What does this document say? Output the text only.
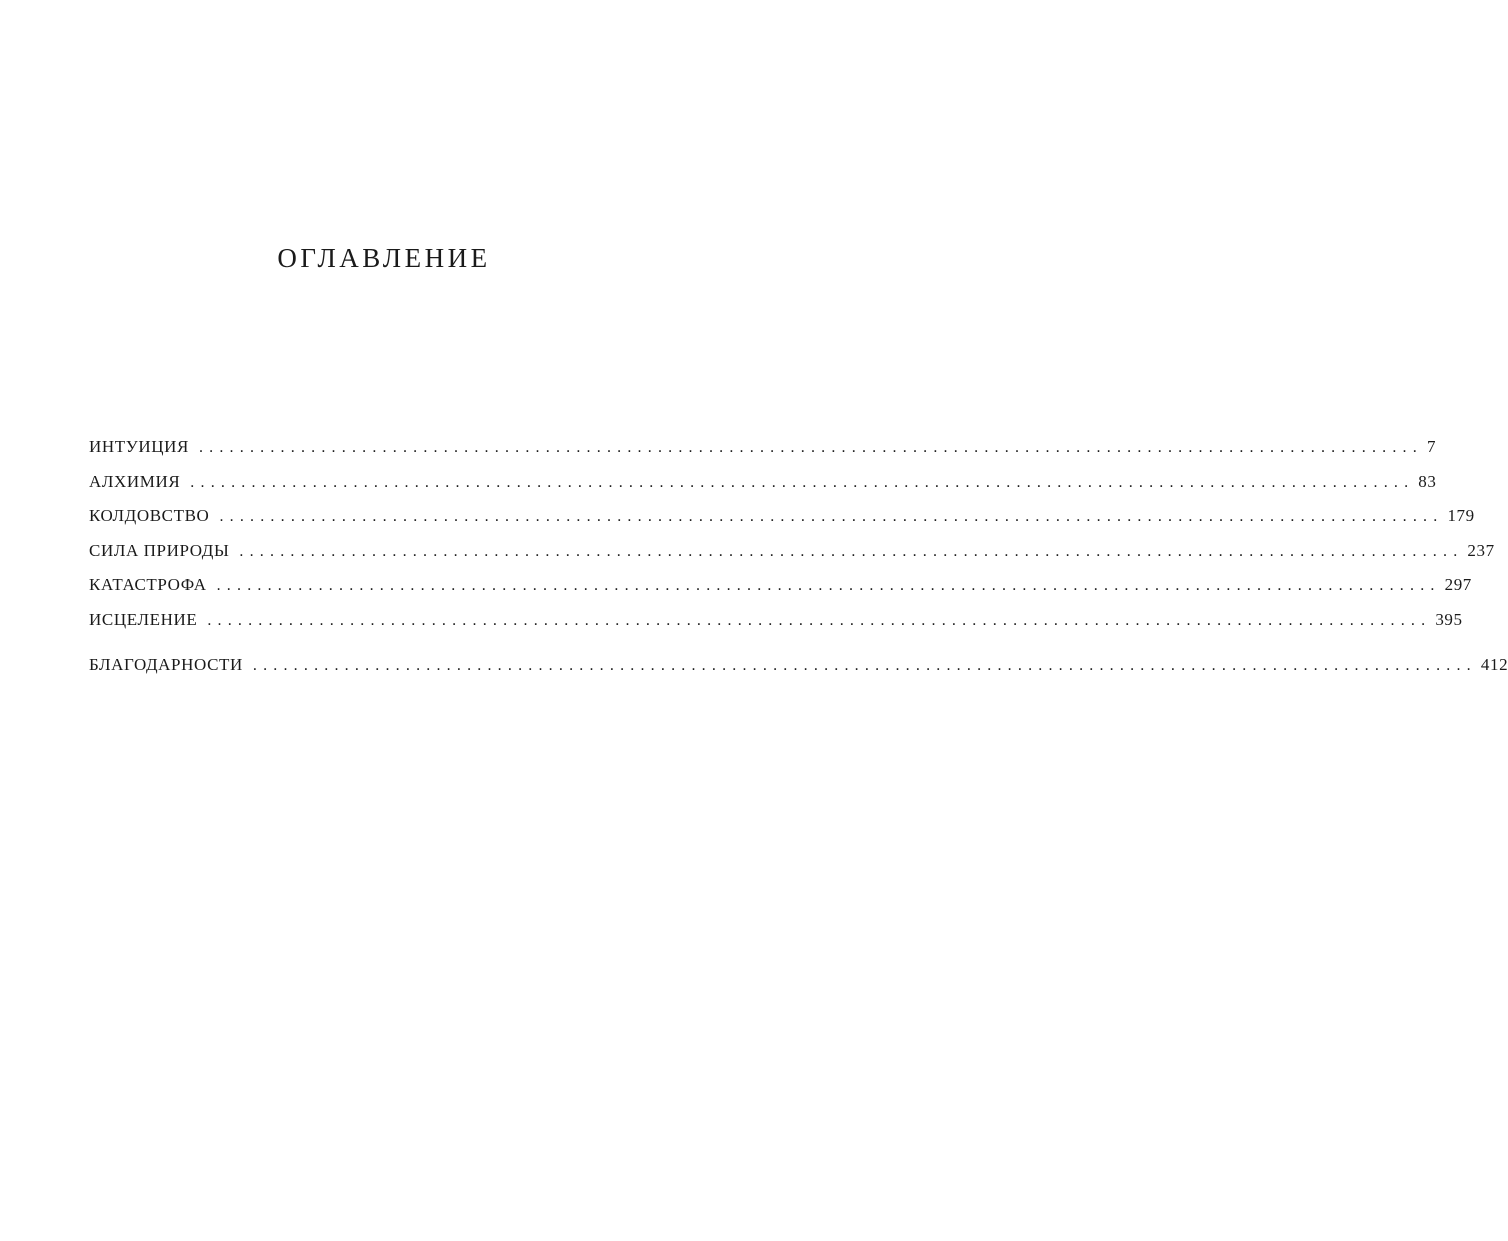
ОГЛАВЛЕНИЕ
ИНТУИЦИЯ ........................................................................................................................ 7
АЛХИМИЯ ........................................................................................................................ 83
КОЛДОВСТВО ........................................................................................................................ 179
СИЛА ПРИРОДЫ ........................................................................................................................ 237
КАТАСТРОФА ........................................................................................................................ 297
ИСЦЕЛЕНИЕ ........................................................................................................................ 395
БЛАГОДАРНОСТИ ........................................................................................................................ 412
